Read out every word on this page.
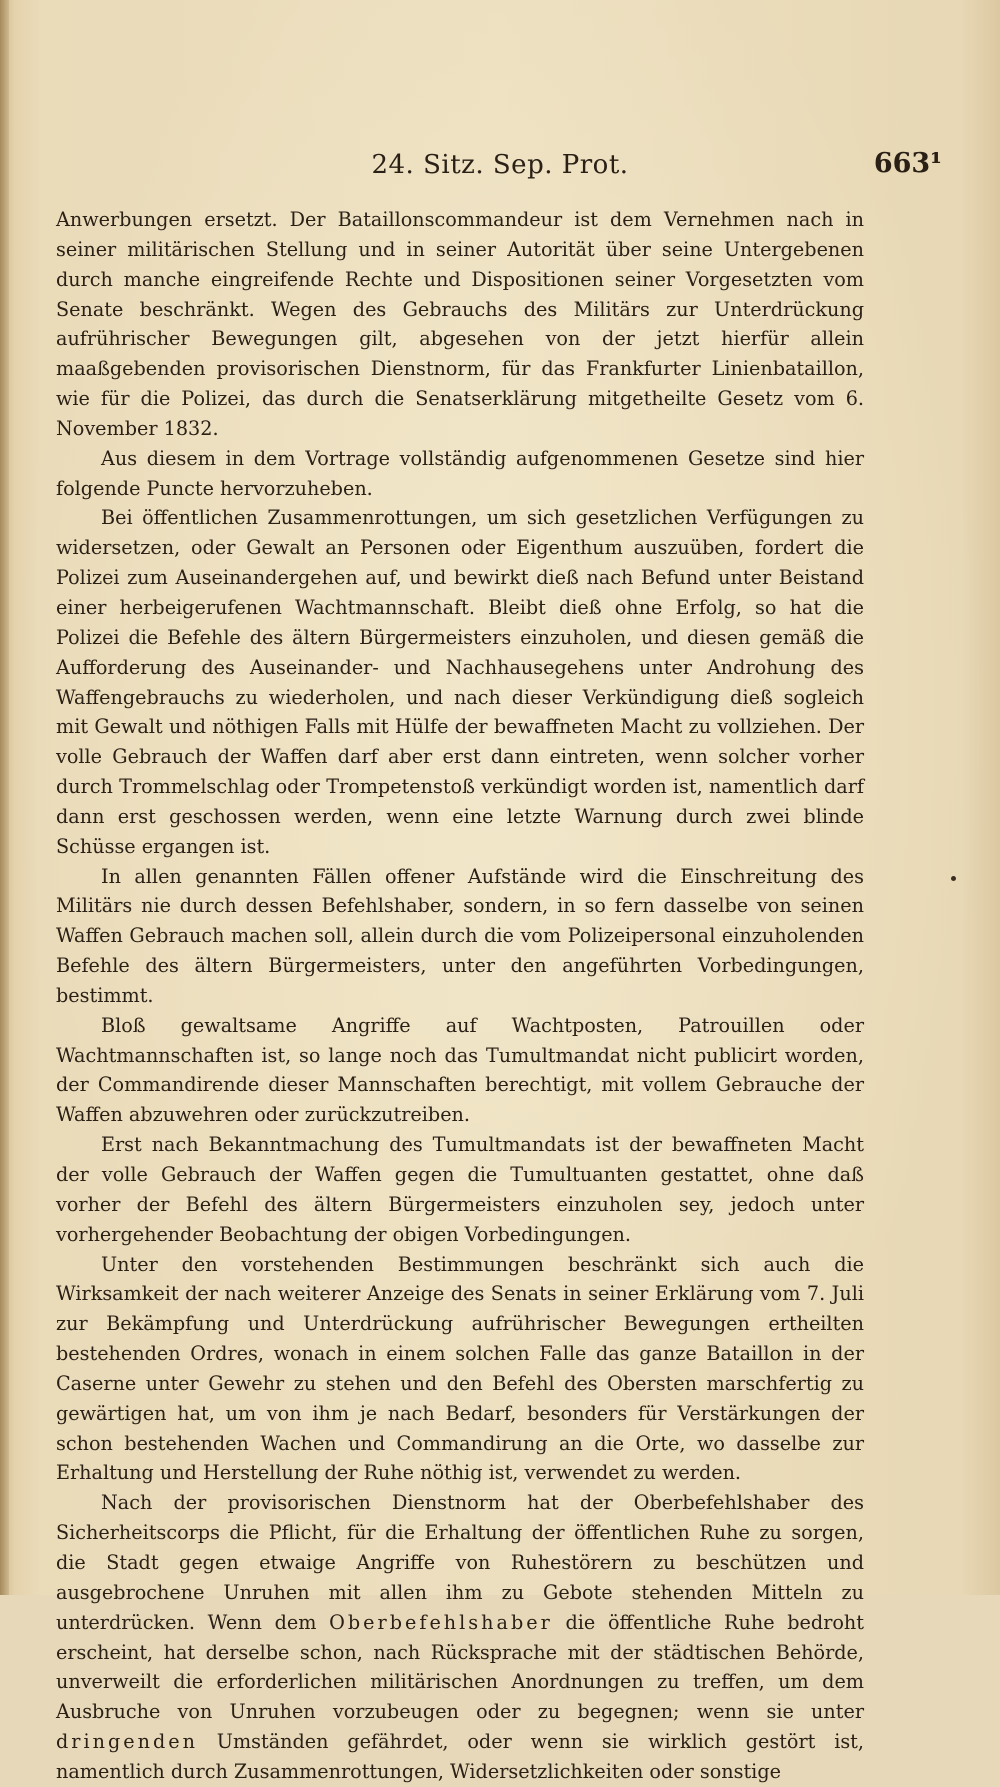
24. Sitz. Sep. Prot.	663¹

Anwerbungen ersetzt. Der Bataillonscommandeur ist dem Vernehmen nach in seiner militärischen Stellung und in seiner Autorität über seine Untergebenen durch manche eingreifende Rechte und Dispositionen seiner Vorgesetzten vom Senate beschränkt. Wegen des Gebrauchs des Militärs zur Unterdrückung aufrührischer Bewegungen gilt, abgesehen von der jetzt hierfür allein maaßgebenden provisorischen Dienstnorm, für das Frankfurter Linienbataillon, wie für die Polizei, das durch die Senatserklärung mitgetheilte Gesetz vom 6. November 1832.

Aus diesem in dem Vortrage vollständig aufgenommenen Gesetze sind hier folgende Puncte hervorzuheben.

Bei öffentlichen Zusammenrottungen, um sich gesetzlichen Verfügungen zu widersetzen, oder Gewalt an Personen oder Eigenthum auszuüben, fordert die Polizei zum Auseinandergehen auf, und bewirkt dieß nach Befund unter Beistand einer herbeigerufenen Wachtmannschaft. Bleibt dieß ohne Erfolg, so hat die Polizei die Befehle des ältern Bürgermeisters einzuholen, und diesen gemäß die Aufforderung des Auseinander- und Nachhausegehens unter Androhung des Waffengebrauchs zu wiederholen, und nach dieser Verkündigung dieß sogleich mit Gewalt und nöthigen Falls mit Hülfe der bewaffneten Macht zu vollziehen. Der volle Gebrauch der Waffen darf aber erst dann eintreten, wenn solcher vorher durch Trommelschlag oder Trompetenstoß verkündigt worden ist, namentlich darf dann erst geschossen werden, wenn eine letzte Warnung durch zwei blinde Schüsse ergangen ist.

In allen genannten Fällen offener Aufstände wird die Einschreitung des Militärs nie durch dessen Befehlshaber, sondern, in so fern dasselbe von seinen Waffen Gebrauch machen soll, allein durch die vom Polizeipersonal einzuholenden Befehle des ältern Bürgermeisters, unter den angeführten Vorbedingungen, bestimmt.

Bloß gewaltsame Angriffe auf Wachtposten, Patrouillen oder Wachtmannschaften ist, so lange noch das Tumultmandat nicht publicirt worden, der Commandirende dieser Mannschaften berechtigt, mit vollem Gebrauche der Waffen abzuwehren oder zurückzutreiben.

Erst nach Bekanntmachung des Tumultmandats ist der bewaffneten Macht der volle Gebrauch der Waffen gegen die Tumultuanten gestattet, ohne daß vorher der Befehl des ältern Bürgermeisters einzuholen sey, jedoch unter vorhergehender Beobachtung der obigen Vorbedingungen.

Unter den vorstehenden Bestimmungen beschränkt sich auch die Wirksamkeit der nach weiterer Anzeige des Senats in seiner Erklärung vom 7. Juli zur Bekämpfung und Unterdrückung aufrührischer Bewegungen ertheilten bestehenden Ordres, wonach in einem solchen Falle das ganze Bataillon in der Caserne unter Gewehr zu stehen und den Befehl des Obersten marschfertig zu gewärtigen hat, um von ihm je nach Bedarf, besonders für Verstärkungen der schon bestehenden Wachen und Commandirung an die Orte, wo dasselbe zur Erhaltung und Herstellung der Ruhe nöthig ist, verwendet zu werden.

Nach der provisorischen Dienstnorm hat der Oberbefehlshaber des Sicherheitscorps die Pflicht, für die Erhaltung der öffentlichen Ruhe zu sorgen, die Stadt gegen etwaige Angriffe von Ruhestörern zu beschützen und ausgebrochene Unruhen mit allen ihm zu Gebote stehenden Mitteln zu unterdrücken. Wenn dem Oberbefehlshaber die öffentliche Ruhe bedroht erscheint, hat derselbe schon, nach Rücksprache mit der städtischen Behörde, unverweilt die erforderlichen militärischen Anordnungen zu treffen, um dem Ausbruche von Unruhen vorzubeugen oder zu begegnen; wenn sie unter dringenden Umständen gefährdet, oder wenn sie wirklich gestört ist, namentlich durch Zusammenrottungen, Widersetzlichkeiten oder sonstige
